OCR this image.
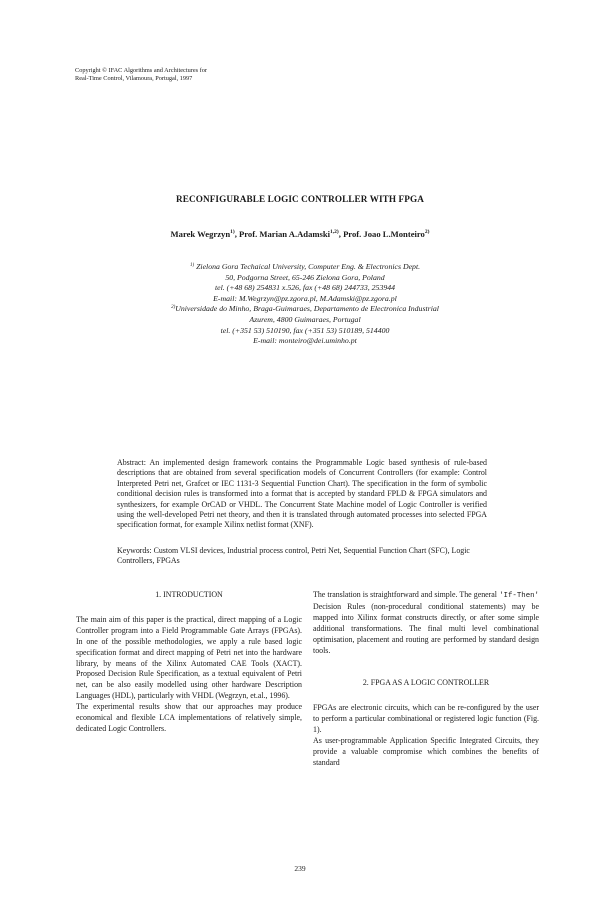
Copyright © IFAC Algorithms and Architectures for
Real-Time Control, Vilamoura, Portugal, 1997
RECONFIGURABLE LOGIC CONTROLLER WITH FPGA
Marek Wegrzyn$^{1)}$, Prof. Marian A.Adamski$^{1,2)}$, Prof. Joao L.Monteiro$^{2)}$
$^{1)}$ Zielona Gora Techaical University, Computer Eng. & Electronics Dept.
50, Podgorna Street, 65-246 Zielona Gora, Poland
tel. (+48 68) 254831 x.526, fax (+48 68) 244733, 253944
E-mail: M.Wegrzyn@pz.zgora.pl, M.Adamski@pz.zgora.pl
$^{2)}$Universidade do Minho, Braga-Guimaraes, Departamento de Electronica Industrial
Azurem, 4800 Guimaraes, Portugal
tel. (+351 53) 510190, fax (+351 53) 510189, 514400
E-mail: monteiro@dei.uminho.pt
Abstract: An implemented design framework contains the Programmable Logic based synthesis of rule-based descriptions that are obtained from several specification models of Concurrent Controllers (for example: Control Interpreted Petri net, Grafcet or IEC 1131-3 Sequential Function Chart). The specification in the form of symbolic conditional decision rules is transformed into a format that is accepted by standard FPLD & FPGA simulators and synthesizers, for example OrCAD or VHDL. The Concurrent State Machine model of Logic Controller is verified using the well-developed Petri net theory, and then it is translated through automated processes into selected FPGA specification format, for example Xilinx netlist format (XNF).
Keywords: Custom VLSI devices, Industrial process control, Petri Net, Sequential Function Chart (SFC), Logic Controllers, FPGAs
1. INTRODUCTION

The main aim of this paper is the practical, direct mapping of a Logic Controller program into a Field Programmable Gate Arrays (FPGAs). In one of the possible methodologies, we apply a rule based logic specification format and direct mapping of Petri net into the hardware library, by means of the Xilinx Automated CAE Tools (XACT). Proposed Decision Rule Specification, as a textual equivalent of Petri net, can be also easily modelled using other hardware Description Languages (HDL), particularly with VHDL (Wegrzyn, et.al., 1996).

The experimental results show that our approaches may produce economical and flexible LCA implementations of relatively simple, dedicated Logic Controllers.

The translation is straightforward and simple. The general 'If-Then' Decision Rules (non-procedural conditional statements) may be mapped into Xilinx format constructs directly, or after some simple additional transformations. The final multi level combinational optimisation, placement and routing are performed by standard design tools.

2. FPGA AS A LOGIC CONTROLLER

FPGAs are electronic circuits, which can be re-configured by the user to perform a particular combinational or registered logic function (Fig. 1).

As user-programmable Application Specific Integrated Circuits, they provide a valuable compromise which combines the benefits of standard

239
